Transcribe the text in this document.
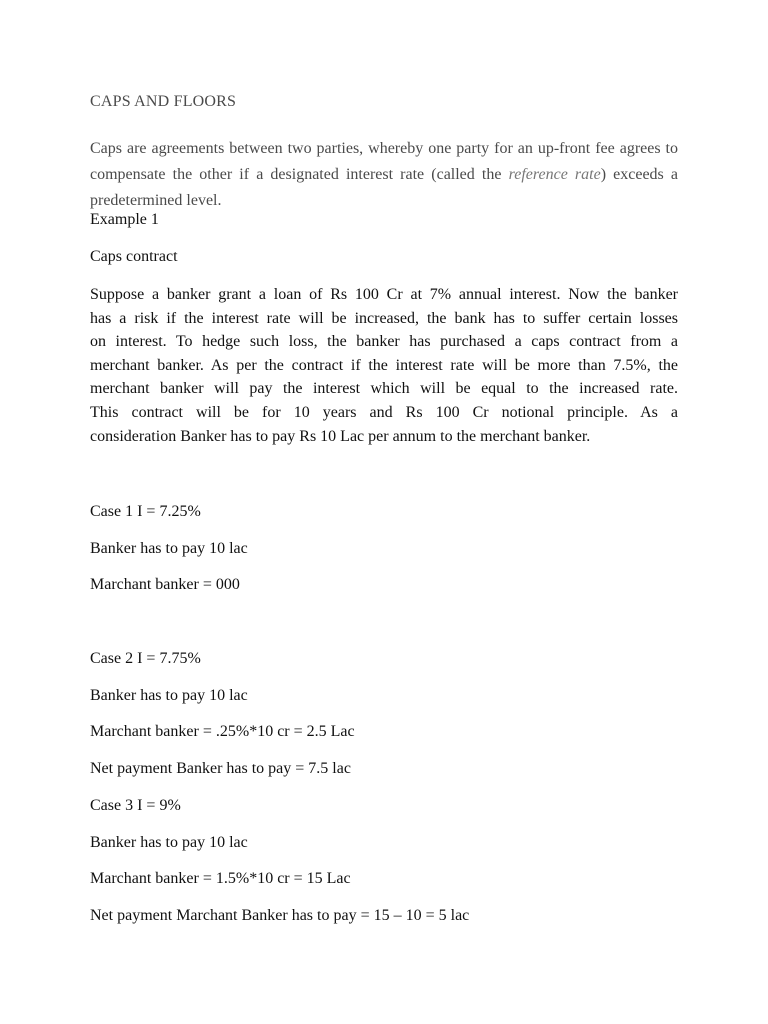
CAPS AND FLOORS
Caps are agreements between two parties, whereby one party for an up-front fee agrees to compensate the other if a designated interest rate (called the reference rate) exceeds a predetermined level.
Example 1
Caps contract
Suppose a banker grant a loan of Rs 100 Cr at 7% annual interest. Now the banker
has a risk if the interest rate will be increased, the bank has to suffer certain losses
on interest. To hedge such loss, the banker has purchased a caps contract from a
merchant banker. As per the contract if the interest rate will be more than 7.5%, the
merchant banker will pay the interest which will be equal to the increased rate.
This contract will be for 10 years and Rs 100 Cr notional principle. As a
consideration Banker has to pay Rs 10 Lac per annum to the merchant banker.
Case 1 I = 7.25%
Banker has to pay 10 lac
Marchant banker = 000
Case 2 I = 7.75%
Banker has to pay 10 lac
Marchant banker = .25%*10 cr = 2.5 Lac
Net payment Banker has to pay = 7.5 lac
Case 3 I = 9%
Banker has to pay 10 lac
Marchant banker = 1.5%*10 cr = 15 Lac
Net payment Marchant Banker has to pay = 15 – 10 = 5 lac
